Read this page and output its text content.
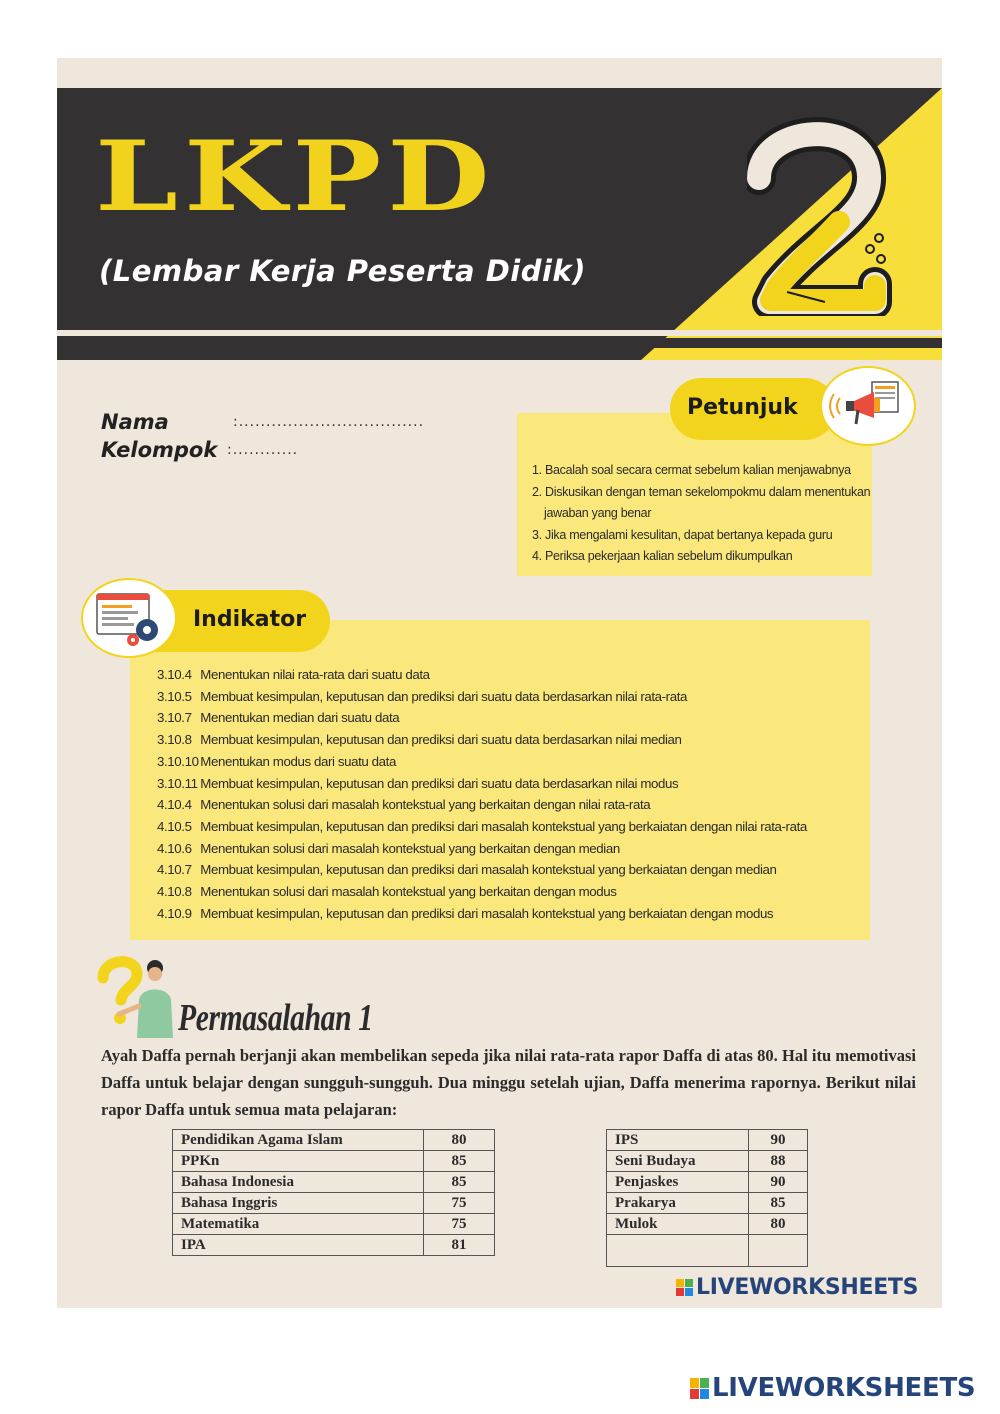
LKPD
(Lembar Kerja Peserta Didik)
Nama	:..................................
Kelompok :............
Petunjuk
1. Bacalah soal secara cermat sebelum kalian menjawabnya
2. Diskusikan dengan teman sekelompokmu dalam menentukan
jawaban yang benar
3. Jika mengalami kesulitan, dapat bertanya kepada guru
4. Periksa pekerjaan kalian sebelum dikumpulkan
Indikator
3.10.4 Menentukan nilai rata-rata dari suatu data
3.10.5 Membuat kesimpulan, keputusan dan prediksi dari suatu data berdasarkan nilai rata-rata
3.10.7 Menentukan median dari suatu data
3.10.8 Membuat kesimpulan, keputusan dan prediksi dari suatu data berdasarkan nilai median
3.10.10 Menentukan modus dari suatu data
3.10.11 Membuat kesimpulan, keputusan dan prediksi dari suatu data berdasarkan nilai modus
4.10.4 Menentukan solusi dari masalah kontekstual yang berkaitan dengan nilai rata-rata
4.10.5 Membuat kesimpulan, keputusan dan prediksi dari masalah kontekstual yang berkaiatan dengan nilai rata-rata
4.10.6 Menentukan solusi dari masalah kontekstual yang berkaitan dengan median
4.10.7 Membuat kesimpulan, keputusan dan prediksi dari masalah kontekstual yang berkaiatan dengan median
4.10.8 Menentukan solusi dari masalah kontekstual yang berkaitan dengan modus
4.10.9 Membuat kesimpulan, keputusan dan prediksi dari masalah kontekstual yang berkaiatan dengan modus
Permasalahan 1
Ayah Daffa pernah berjanji akan membelikan sepeda jika nilai rata-rata rapor Daffa di atas 80. Hal itu memotivasi Daffa untuk belajar dengan sungguh-sungguh. Dua minggu setelah ujian, Daffa menerima rapornya. Berikut nilai rapor Daffa untuk semua mata pelajaran:
Pendidikan Agama Islam	80
PPKn	85
Bahasa Indonesia	85
Bahasa Inggris	75
Matematika	75
IPA	81
IPS	90
Seni Budaya	88
Penjaskes	90
Prakarya	85
Mulok	80

LIVEWORKSHEETS
LIVEWORKSHEETS
